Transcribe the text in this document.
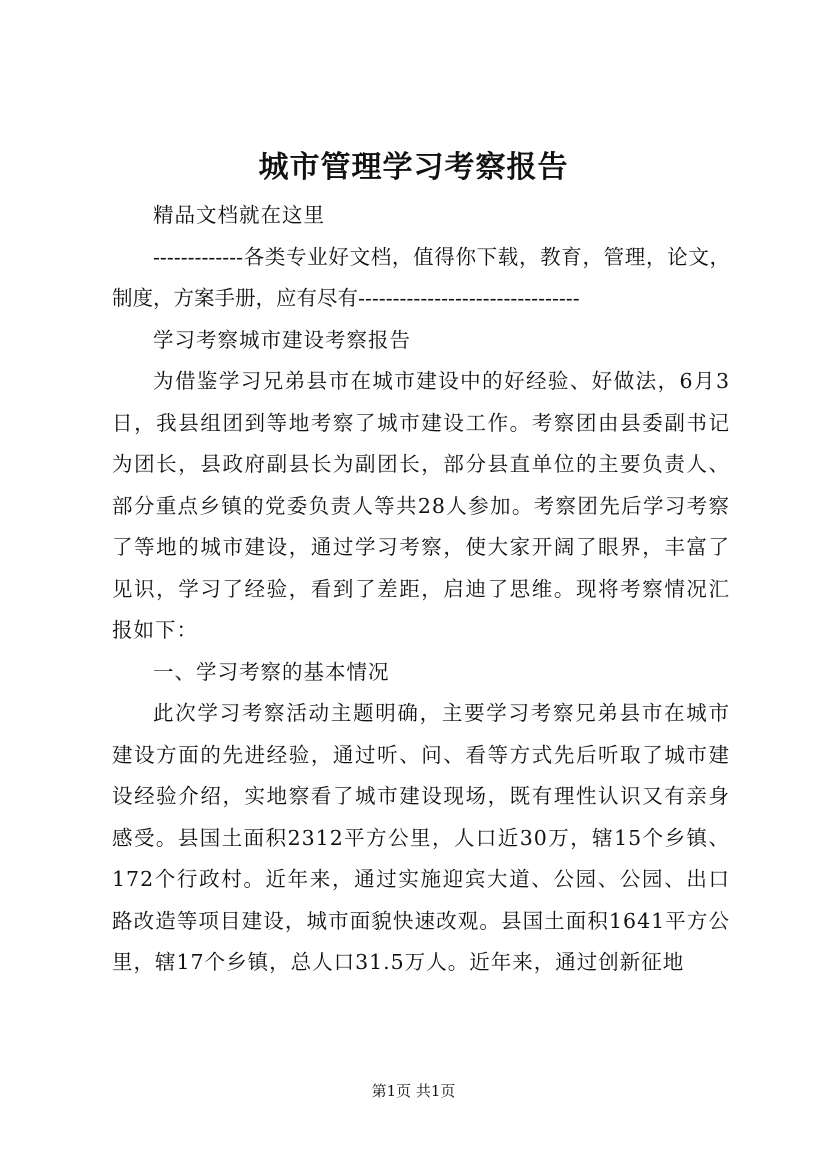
城市管理学习考察报告

精品文档就在这里

-------------各类专业好文档，值得你下载，教育，管理，论文，制度，方案手册，应有尽有--------------------------------

学习考察城市建设考察报告

为借鉴学习兄弟县市在城市建设中的好经验、好做法，6月3日，我县组团到等地考察了城市建设工作。考察团由县委副书记为团长，县政府副县长为副团长，部分县直单位的主要负责人、部分重点乡镇的党委负责人等共28人参加。考察团先后学习考察了等地的城市建设，通过学习考察，使大家开阔了眼界，丰富了见识，学习了经验，看到了差距，启迪了思维。现将考察情况汇报如下：

一、学习考察的基本情况

此次学习考察活动主题明确，主要学习考察兄弟县市在城市建设方面的先进经验，通过听、问、看等方式先后听取了城市建设经验介绍，实地察看了城市建设现场，既有理性认识又有亲身感受。县国土面积2312平方公里，人口近30万，辖15个乡镇、172个行政村。近年来，通过实施迎宾大道、公园、公园、出口路改造等项目建设，城市面貌快速改观。县国土面积1641平方公里，辖17个乡镇，总人口31.5万人。近年来，通过创新征地

第1页 共1页
